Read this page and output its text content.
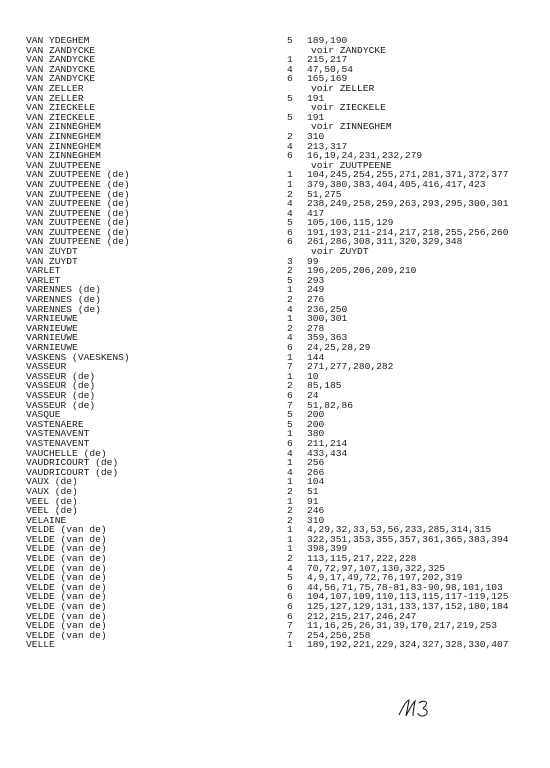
VAN YDEGHEM	5 189,190
VAN ZANDYCKE	voir ZANDYCKE
VAN ZANDYCKE	1 215,217
VAN ZANDYCKE	4 47,50,54
VAN ZANDYCKE	6 165,169
VAN ZELLER	voir ZELLER
VAN ZELLER	5 191
VAN ZIECKELE	voir ZIECKELE
VAN ZIECKELE	5 191
VAN ZINNEGHEM	voir ZINNEGHEM
VAN ZINNEGHEM	2 310
VAN ZINNEGHEM	4 213,317
VAN ZINNEGHEM	6 16,19,24,231,232,279
VAN ZUUTPEENE	voir ZUUTPEENE
VAN ZUUTPEENE (de)	1 104,245,254,255,271,281,371,372,377
VAN ZUUTPEENE (de)	1 379,380,383,404,405,416,417,423
VAN ZUUTPEENE (de)	2 51,275
VAN ZUUTPEENE (de)	4 238,249,258,259,263,293,295,300,301
VAN ZUUTPEENE (de)	4 417
VAN ZUUTPEENE (de)	5 105,106,115,129
VAN ZUUTPEENE (de)	6 191,193,211-214,217,218,255,256,260
VAN ZUUTPEENE (de)	6 261,286,308,311,320,329,348
VAN ZUYDT	voir ZUYDT
VAN ZUYDT	3 99
VARLET	2 196,205,206,209,210
VARLET	5 293
VARENNES (de)	1 249
VARENNES (de)	2 276
VARENNES (de)	4 236,250
VARNIEUWE	1 300,301
VARNIEUWE	2 278
VARNIEUWE	4 359,363
VARNIEUWE	6 24,25,28,29
VASKENS (VAESKENS)	1 144
VASSEUR	7 271,277,280,282
VASSEUR (de)	1 10
VASSEUR (de)	2 85,185
VASSEUR (de)	6 24
VASSEUR (de)	7 51,82,86
VASQUE	5 200
VASTENAERE	5 200
VASTENAVENT	1 380
VASTENAVENT	6 211,214
VAUCHELLE (de)	4 433,434
VAUDRICOURT (de)	1 256
VAUDRICOURT (de)	4 266
VAUX (de)	1 104
VAUX (de)	2 51
VEEL (de)	1 91
VEEL (de)	2 246
VELAINE	2 310
VELDE (van de)	1 4,29,32,33,53,56,233,285,314,315
VELDE (van de)	1 322,351,353,355,357,361,365,383,394
VELDE (van de)	1 398,399
VELDE (van de)	2 113,115,217,222,228
VELDE (van de)	4 70,72,97,107,130,322,325
VELDE (van de)	5 4,9,17,49,72,76,197,202,319
VELDE (van de)	6 44,56,71,75,78-81,83-90,98,101,103
VELDE (van de)	6 104,107,109,110,113,115,117-119,125
VELDE (van de)	6 125,127,129,131,133,137,152,180,184
VELDE (van de)	6 212,215,217,246,247
VELDE (van de)	7 11,16,25,26,31,39,170,217,219,253
VELDE (van de)	7 254,256,258
VELLE	1 189,192,221,229,324,327,328,330,407
